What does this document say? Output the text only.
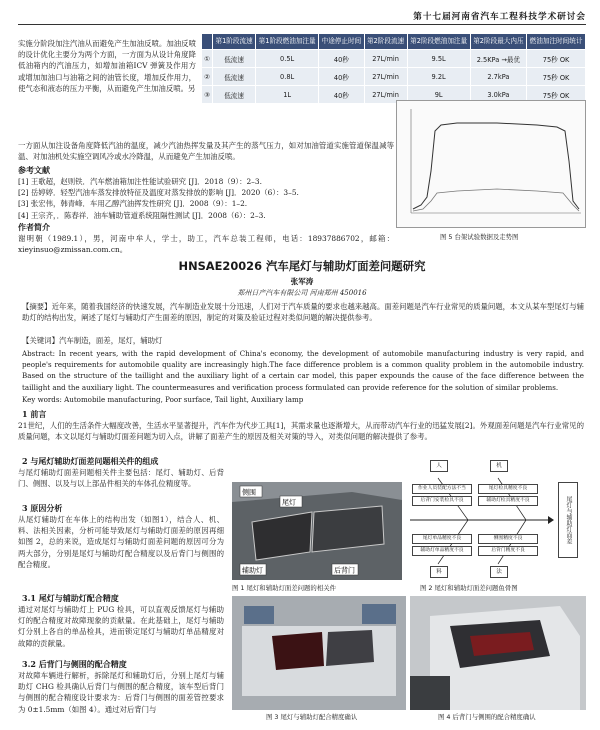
第十七届河南省汽车工程科技学术研讨会
实施分阶段加注汽油从而避免产生加油反喷。加油反喷的设计优化主要分为两个方面，一方面为从设计角度降低油箱内的汽油压力，如增加油箱ICV 弹簧及作用方或增加加油口与油箱之间的油管长度，增加反作用力，使气态和液态的压力平衡，从而避免产生加油反喷。另
	第1阶段流速	第1阶段燃油加注量	中途停止时间	第2阶段流速	第2阶段燃油加注量	第2阶段最大内压	燃油加注时间统计
①	低流速	0.5L	40秒	27L/min	9.5L	2.5KPa →最优	75秒 OK
②	低流速	0.8L	40秒	27L/min	9.2L	2.7kPa	75秒 OK
③	低流速	1L	40秒	27L/min	9L	3.0kPa	75秒 OK
图 5 台架试验数据及走势图
一方面从加注设备角度降低汽油的温度，减少汽油热挥发量及其产生的蒸气压力，如对加油管道实施管道保温减等温、对加油机处实施空调风冷或水冷降温，从而避免产生加油反喷。
参考文献
[1] 王歌超，赵则铁．汽车燃油箱加注性能试验研究 [J]．2018（9）：2–3.
[2] 岳婷婷．轻型汽油车蒸发排放特征及温度对蒸发排放的影响 [J]．2020（6）：3–5.
[3] 张宏伟，韩青峰．车用乙醇汽油挥发性研究 [J]．2008（9）：1–2.
[4] 王宗齐，．陈春祥．油车辅助管道系统阻隔性测试 [J]．2008（6）：2–3.
作者简介
谢明朝（1989.1），男，河南中牟人，学士，助工，汽车总装工程师，电话：18937886702，邮箱：xieyinsuo@zmissan.com.cn。
HNSAE20026 汽车尾灯与辅助灯面差问题研究
张军涛
郑州日产汽车有限公司 河南郑州 450016
【摘要】近年来，随着我国经济的快速发展，汽车制造业发展十分迅速，人们对于汽车质量的要求也越来越高。面差问题是汽车行业常见的质量问题，本文从某车型尾灯与辅助灯的结构出发，阐述了尾灯与辅助灯产生面差的原因，制定的对策及验证过程对类似问题的解决提供参考。
【关键词】汽车制造，面差，尾灯，辅助灯
Abstract: In recent years, with the rapid development of China's economy, the development of automobile manufacturing industry is very rapid, and people's requirements for automobile quality are increasingly high.The face difference problem is a common quality problem in the automobile industry. Based on the structure of the taillight and the auxiliary light of a certain car model, this paper expounds the cause of the face difference between the taillight and the auxiliary light. The countermeasures and verification process formulated can provide reference for the solution of similar problems.
Key words: Automobile manufacturing, Poor surface, Tail light, Auxiliary lamp
1 前言
21世纪，人们的生活条件大幅度改善，生活水平显著提升，汽车作为代步工具[1]，其需求量也逐渐增大，从而带动汽车行业的迅猛发展[2]。外观面差问题是汽车行业常见的质量问题，本文以尾灯与辅助灯面差问题为切入点，讲解了面差产生的原因及相关对策的导入，对类似问题的解决提供了参考。
2 与尾灯辅助灯面差问题相关件的组成
与尾灯辅助灯面差问题相关件主要包括：尾灯、辅助灯、后背门、侧围、以及与以上部品件相关的车体孔位精度等。
3 原因分析
从尾灯辅助灯在车体上的结构出发（如图1），结合人、机、料、法相关因素，分析可能导致尾灯与辅助灯面差的原因再细如图 2，总的来说，造成尾灯与辅助灯面差问题的原因可分为两大部分，分别是尾灯与辅助灯配合精度以及后背门与侧围的配合精度。
3.1 尾灯与辅助灯配合精度
通过对尾灯与辅助灯上 PUG 检具，可以直观反馈尾灯与辅助灯的配合精度对故障现象的贡献量。在此基础上，尾灯与辅助灯分别上各自的单品检具，进而锁定尾灯与辅助灯单品精度对故障的贡献量。
3.2 后背门与侧围的配合精度
对故障车辆进行解析，拆除尾灯和辅助灯后，分别上尾灯与辅助灯 CHG 检具确认后背门与侧围的配合精度，该车型后背门与侧围的配合精度设计要求为：后背门与侧围的面差管控要求为 0±1.5mm（如图 4）。通过对后背门与
侧围
尾灯
辅助灯	后背门
图 1 尾灯和辅助灯面差问题的相关件
人	机
料	法
作业人员装配方法不当
后背门安装检具不良
尾灯检具精度不良
辅助灯检具精度不良
尾灯单品精度不良
辅助灯单品精度不良
侧围精度不良
后背门精度不良
尾灯与辅助灯面差
图 2 尾灯和辅助灯面差问题鱼骨图
图 3 尾灯与辅助灯配合精度确认	图 4 后背门与侧围的配合精度确认
